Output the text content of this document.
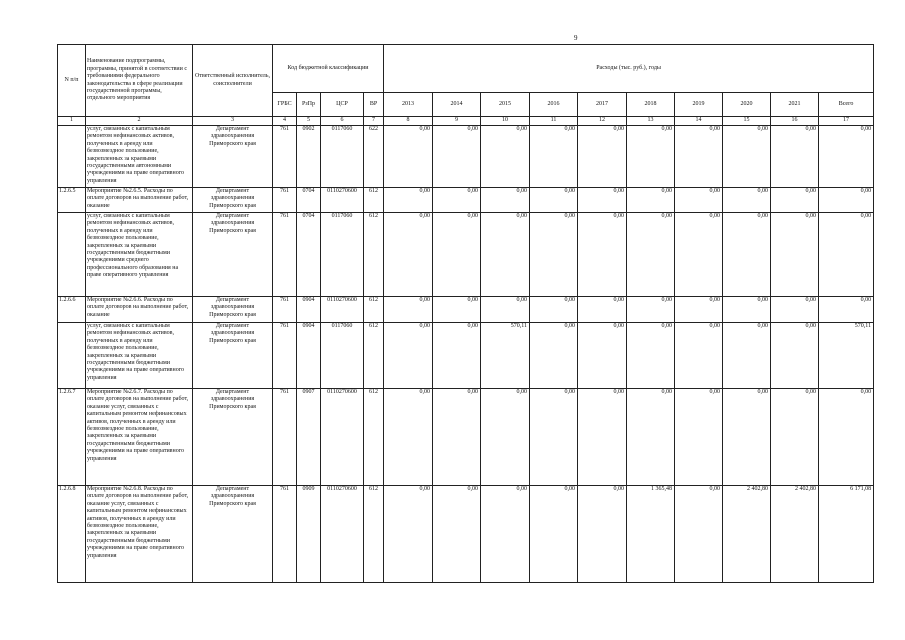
9
N п/п	Наименование подпрограммы, программы, принятой в соответствии с требованиями федерального законодательства в сфере реализации государственной программы, отдельного мероприятия	Ответственный исполнитель, соисполнители	Код бюджетной классификации				Расходы (тыс. руб.), годы									
			ГРБС	РзПр	ЦСР	ВР	2013	2014	2015	2016	2017	2018	2019	2020	2021	Всего
1	2	3	4	5	6	7	8	9	10	11	12	13	14	15	16	17
	услуг, связанных с капитальным ремонтом нефинансовых активов, полученных в аренду или безвозмездное пользование, закрепленных за краевыми государственными автономными учреждениями на праве оперативного управления	Департамент здравоохранения Приморского края	761	0902	0117060	622	0,00	0,00	0,00	0,00	0,00	0,00	0,00	0,00	0,00	0,00
1.2.6.5	Мероприятие №2.6.5. Расходы по оплате договоров на выполнение работ, оказание	Департамент здравоохранения Приморского края	761	0704	0110270600	612	0,00	0,00	0,00	0,00	0,00	0,00	0,00	0,00	0,00	0,00
	услуг, связанных с капитальным ремонтом нефинансовых активов, полученных в аренду или безвозмездное пользование, закрепленных за краевыми государственными бюджетными учреждениями среднего профессионального образования на праве оперативного управления	Департамент здравоохранения Приморского края	761	0704	0117060	612	0,00	0,00	0,00	0,00	0,00	0,00	0,00	0,00	0,00	0,00
1.2.6.6	Мероприятие №2.6.6. Расходы по оплате договоров на выполнение работ, оказание	Департамент здравоохранения Приморского края	761	0904	0110270600	612	0,00	0,00	0,00	0,00	0,00	0,00	0,00	0,00	0,00	0,00
	услуг, связанных с капитальным ремонтом нефинансовых активов, полученных в аренду или безвозмездное пользование, закрепленных за краевыми государственными бюджетными учреждениями на праве оперативного управления	Департамент здравоохранения Приморского края	761	0904	0117060	612	0,00	0,00	570,11	0,00	0,00	0,00	0,00	0,00	0,00	570,11
1.2.6.7	Мероприятие №2.6.7. Расходы по оплате договоров на выполнение работ, оказание услуг, связанных с капитальным ремонтом нефинансовых активов, полученных в аренду или безвозмездное пользование, закрепленных за краевыми государственными бюджетными учреждениями на праве оперативного управления	Департамент здравоохранения Приморского края	761	0907	0110270600	612	0,00	0,00	0,00	0,00	0,00	0,00	0,00	0,00	0,00	0,00
1.2.6.8	Мероприятие №2.6.8. Расходы по оплате договоров на выполнение работ, оказание услуг, связанных с капитальным ремонтом нефинансовых активов, полученных в аренду или безвозмездное пользование, закрепленных за краевыми государственными бюджетными учреждениями на праве оперативного управления	Департамент здравоохранения Приморского края	761	0909	0110270600	612	0,00	0,00	0,00	0,00	0,00	1 365,48	0,00	2 402,80	2 402,80	6 171,08
